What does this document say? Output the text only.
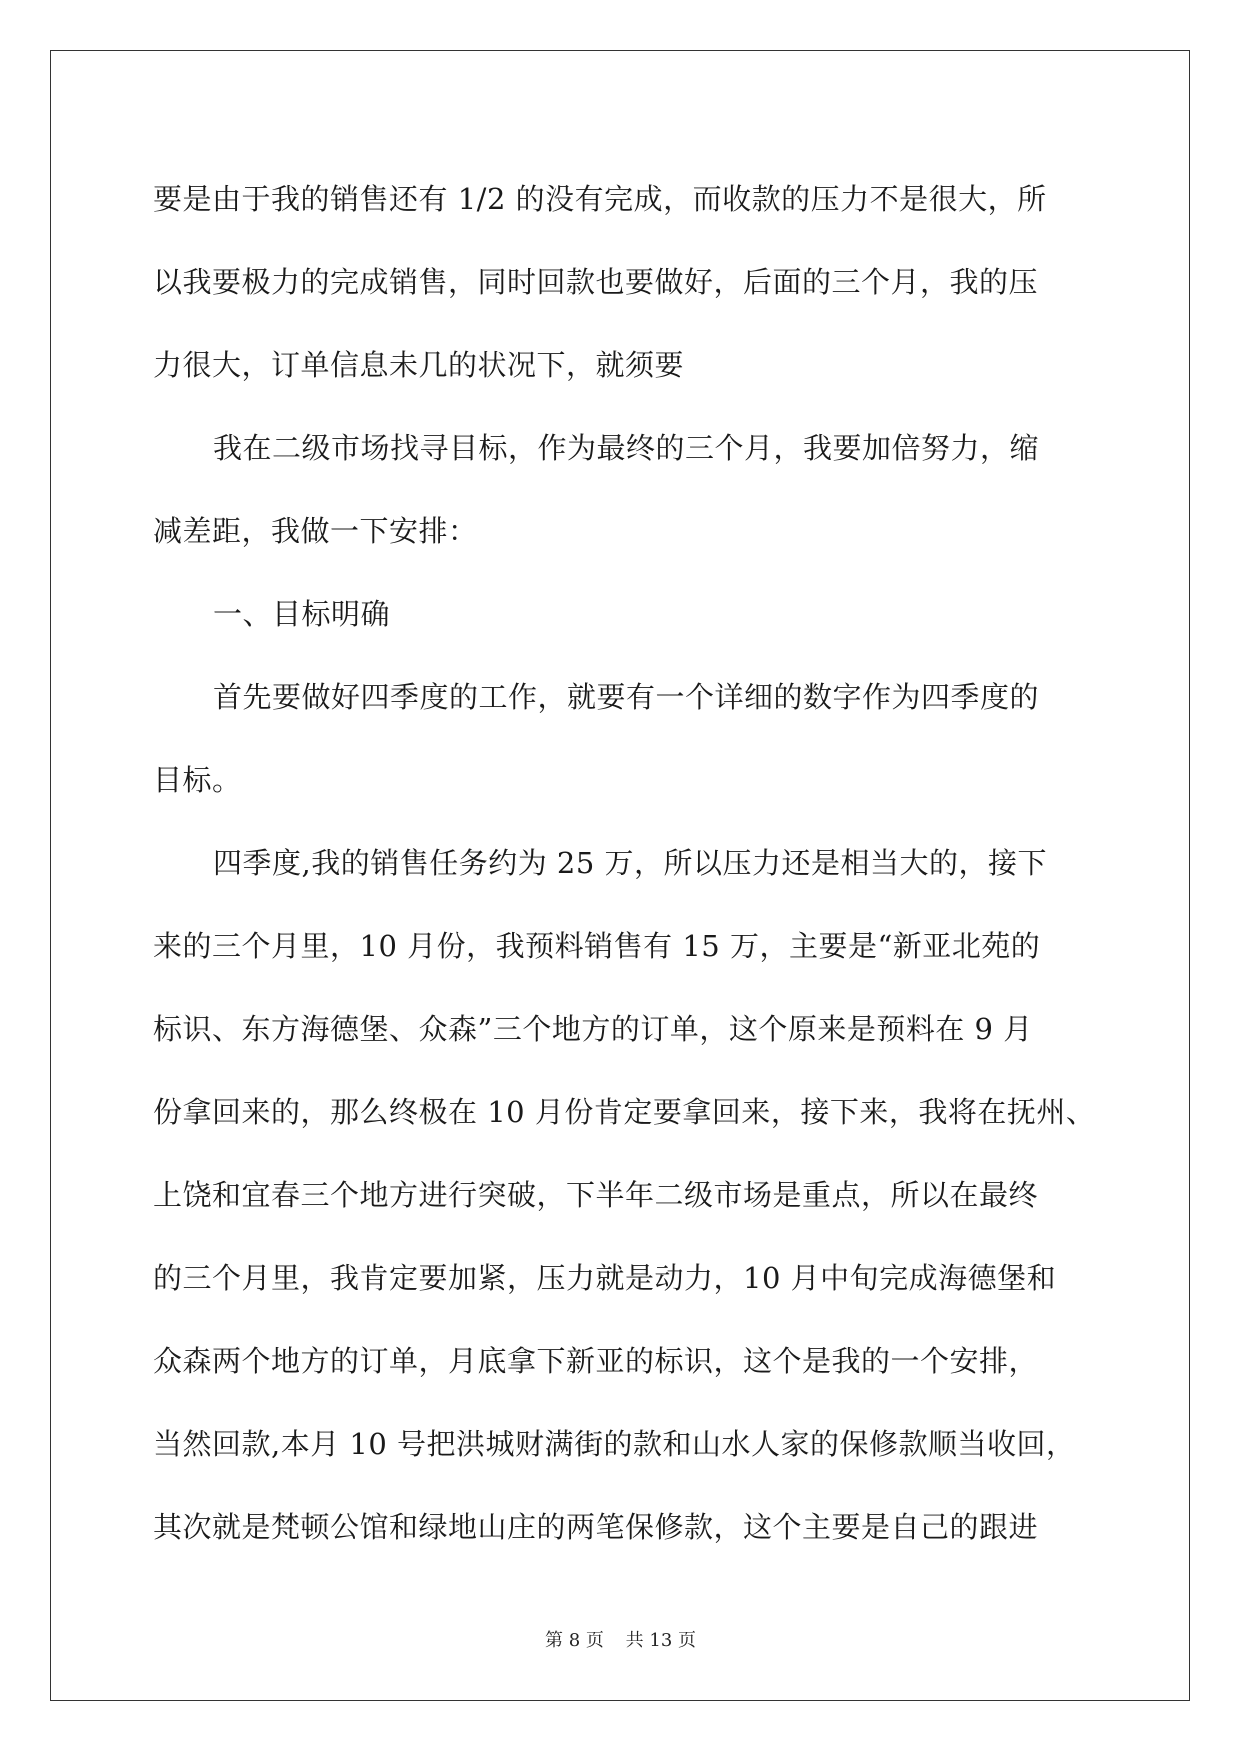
要是由于我的销售还有 1/2 的没有完成，而收款的压力不是很大，所
以我要极力的完成销售，同时回款也要做好，后面的三个月，我的压
力很大，订单信息未几的状况下，就须要
我在二级市场找寻目标，作为最终的三个月，我要加倍努力，缩
减差距，我做一下安排：
一、目标明确
首先要做好四季度的工作，就要有一个详细的数字作为四季度的
目标。
四季度,我的销售任务约为 25 万，所以压力还是相当大的，接下
来的三个月里，10 月份，我预料销售有 15 万，主要是“新亚北苑的
标识、东方海德堡、众森”三个地方的订单，这个原来是预料在 9 月
份拿回来的，那么终极在 10 月份肯定要拿回来，接下来，我将在抚州、
上饶和宜春三个地方进行突破，下半年二级市场是重点，所以在最终
的三个月里，我肯定要加紧，压力就是动力，10 月中旬完成海德堡和
众森两个地方的订单，月底拿下新亚的标识，这个是我的一个安排，
当然回款,本月 10 号把洪城财满街的款和山水人家的保修款顺当收回，
其次就是梵顿公馆和绿地山庄的两笔保修款，这个主要是自己的跟进
第 8 页 共 13 页
